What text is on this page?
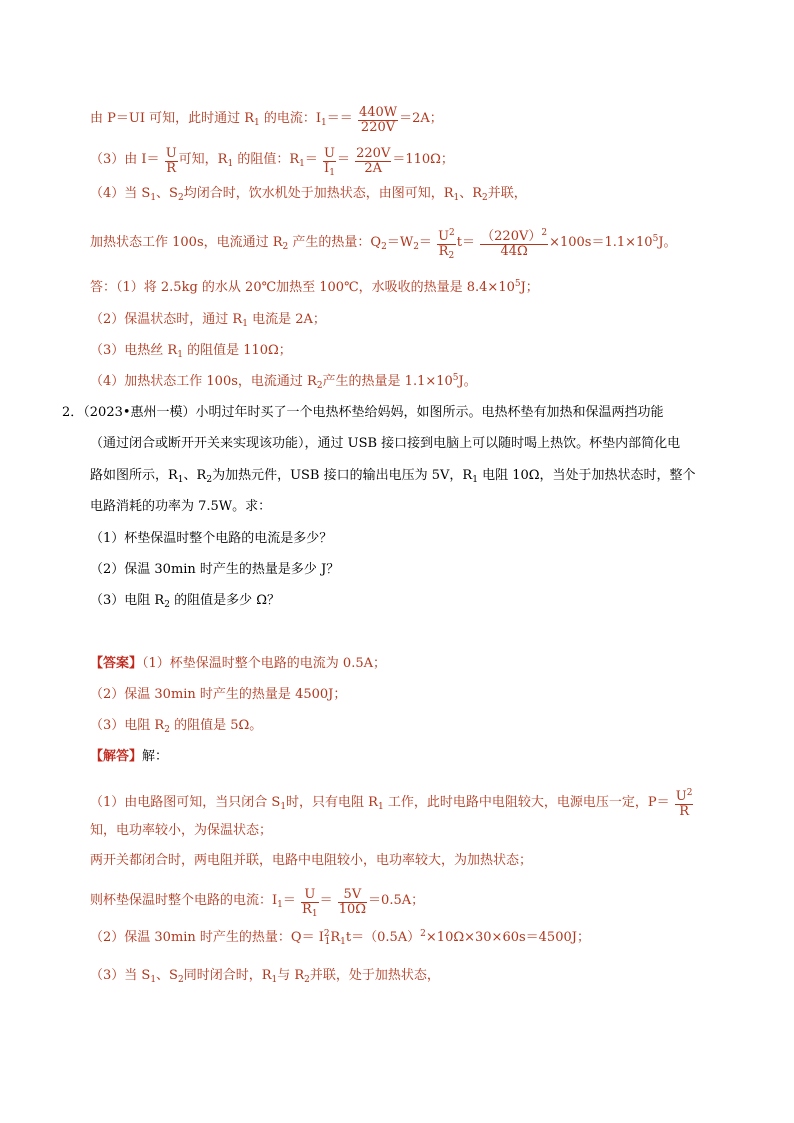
由 P＝UI 可知，此时通过 $R_1$ 的电流：$I_1== \frac{440W}{220V} =2A$；
（3）由 $I= \frac{U}{R}$ 可知，$R_1$ 的阻值：$R_1= \frac{U}{I_1} = \frac{220V}{2A} =110\Omega$；
（4）当 $S_1$、$S_2$均闭合时，饮水机处于加热状态，由图可知，$R_1$、$R_2$并联，
加热状态工作 100s，电流通过 $R_2$ 产生的热量：$Q_2=W_2= \frac{U^2}{R_2} t= \frac{(220V)^2}{44\Omega} \times 100s=1.1\times 10^5J$。
答：（1）将 2.5kg 的水从 20℃加热至 100℃，水吸收的热量是 $8.4\times 10^5J$；
（2）保温状态时，通过 $R_1$ 电流是 2A；
（3）电热丝 $R_1$ 的阻值是 110Ω；
（4）加热状态工作 100s，电流通过 $R_2$产生的热量是 $1.1\times 10^5J$。
2．（2023•惠州一模）小明过年时买了一个电热杯垫给妈妈，如图所示。电热杯垫有加热和保温两挡功能
（通过闭合或断开开关来实现该功能），通过 USB 接口接到电脑上可以随时喝上热饮。杯垫内部简化电
路如图所示，$R_1$、$R_2$为加热元件，USB 接口的输出电压为 5V，$R_1$ 电阻 10Ω，当处于加热状态时，整个
电路消耗的功率为 7.5W。求：
（1）杯垫保温时整个电路的电流是多少？
（2）保温 30min 时产生的热量是多少 J？
（3）电阻 $R_2$ 的阻值是多少 Ω？
【答案】（1）杯垫保温时整个电路的电流为 0.5A；
（2）保温 30min 时产生的热量是 4500J；
（3）电阻 $R_2$ 的阻值是 5Ω。
【解答】解：
（1）由电路图可知，当只闭合 $S_1$时，只有电阻 $R_1$ 工作，此时电路中电阻较大，电源电压一定，$P= \frac{U^2}{R}$
知，电功率较小，为保温状态；
两开关都闭合时，两电阻并联，电路中电阻较小，电功率较大，为加热状态；
则杯垫保温时整个电路的电流：$I_1= \frac{U}{R_1} = \frac{5V}{10\Omega} =0.5A$；
（2）保温 30min 时产生的热量：$Q= I^2_1R_1t=(0.5A)^2\times 10\Omega\times 30\times 60s=4500J$；
（3）当 $S_1$、$S_2$同时闭合时，$R_1$与 $R_2$并联，处于加热状态，
